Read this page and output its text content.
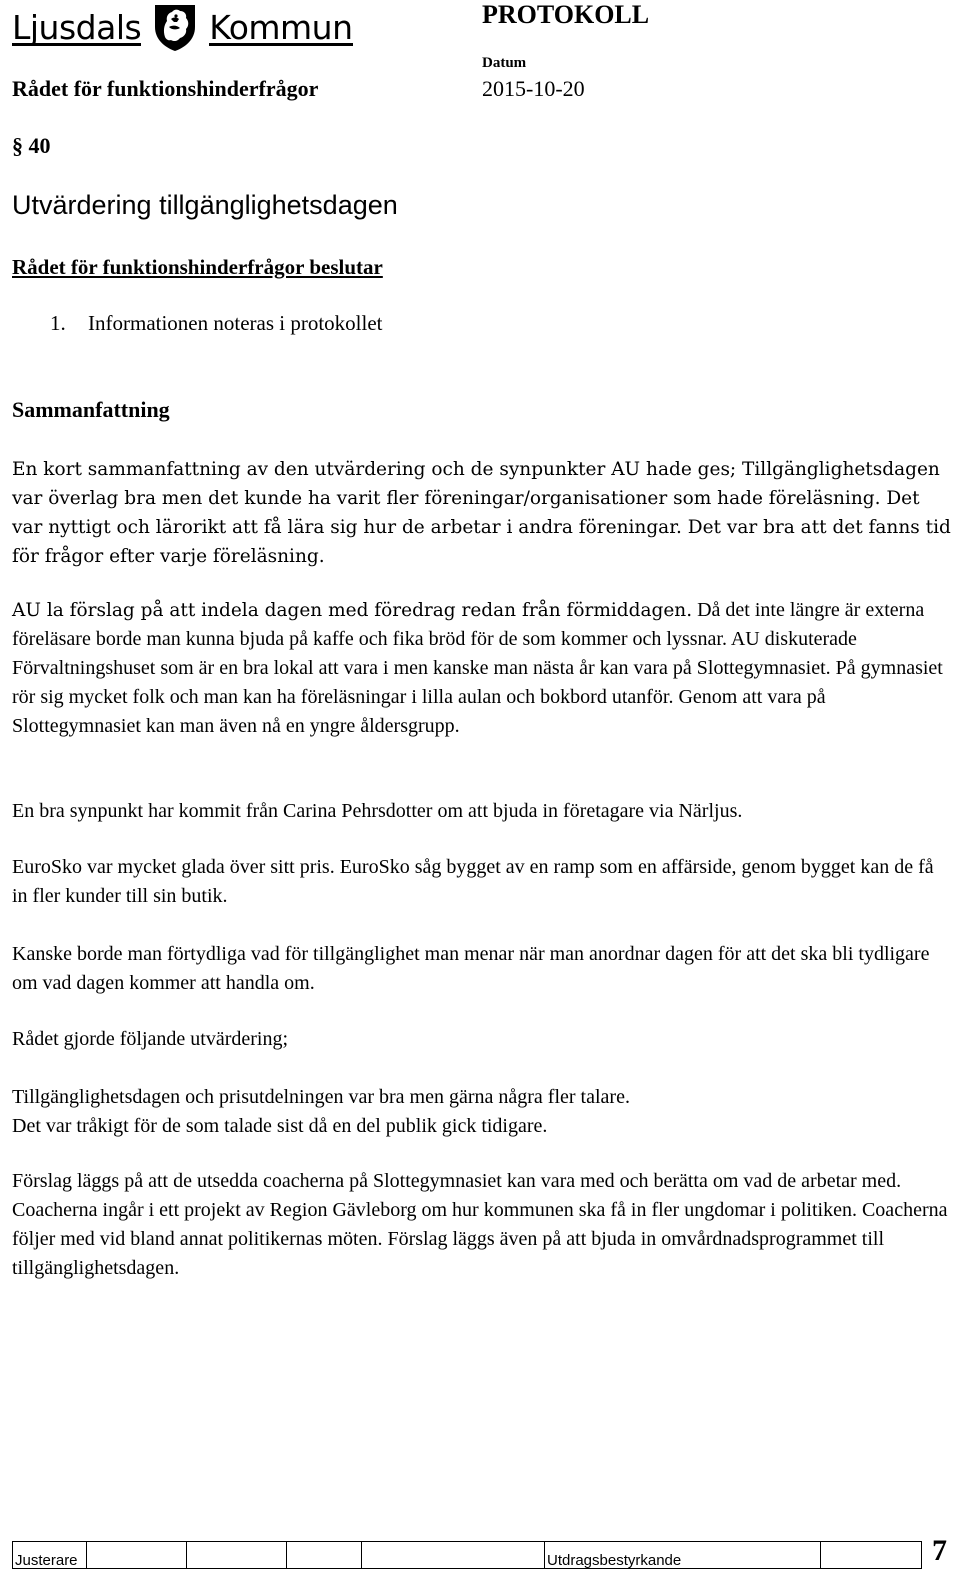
Ljusdals Kommun	PROTOKOLL
Datum
Rådet för funktionshinderfrågor	2015-10-20
§ 40
Utvärdering tillgänglighetsdagen
Rådet för funktionshinderfrågor beslutar
1. Informationen noteras i protokollet
Sammanfattning

En kort sammanfattning av den utvärdering och de synpunkter AU hade ges; Tillgänglighetsdagen var överlag bra men det kunde ha varit fler föreningar/organisationer som hade föreläsning. Det var nyttigt och lärorikt att få lära sig hur de arbetar i andra föreningar. Det var bra att det fanns tid för frågor efter varje föreläsning.

AU la förslag på att indela dagen med föredrag redan från förmiddagen. Då det inte längre är externa föreläsare borde man kunna bjuda på kaffe och fika bröd för de som kommer och lyssnar. AU diskuterade Förvaltningshuset som är en bra lokal att vara i men kanske man nästa år kan vara på Slottegymnasiet. På gymnasiet rör sig mycket folk och man kan ha föreläsningar i lilla aulan och bokbord utanför. Genom att vara på Slottegymnasiet kan man även nå en yngre åldersgrupp.

En bra synpunkt har kommit från Carina Pehrsdotter om att bjuda in företagare via Närljus.

EuroSko var mycket glada över sitt pris. EuroSko såg bygget av en ramp som en affärside, genom bygget kan de få in fler kunder till sin butik.

Kanske borde man förtydliga vad för tillgänglighet man menar när man anordnar dagen för att det ska bli tydligare om vad dagen kommer att handla om.

Rådet gjorde följande utvärdering;

Tillgänglighetsdagen och prisutdelningen var bra men gärna några fler talare.
Det var tråkigt för de som talade sist då en del publik gick tidigare.

Förslag läggs på att de utsedda coacherna på Slottegymnasiet kan vara med och berätta om vad de arbetar med. Coacherna ingår i ett projekt av Region Gävleborg om hur kommunen ska få in fler ungdomar i politiken. Coacherna följer med vid bland annat politikernas möten. Förslag läggs även på att bjuda in omvårdnadsprogrammet till tillgänglighetsdagen.

Justerare	Utdragsbestyrkande	7
